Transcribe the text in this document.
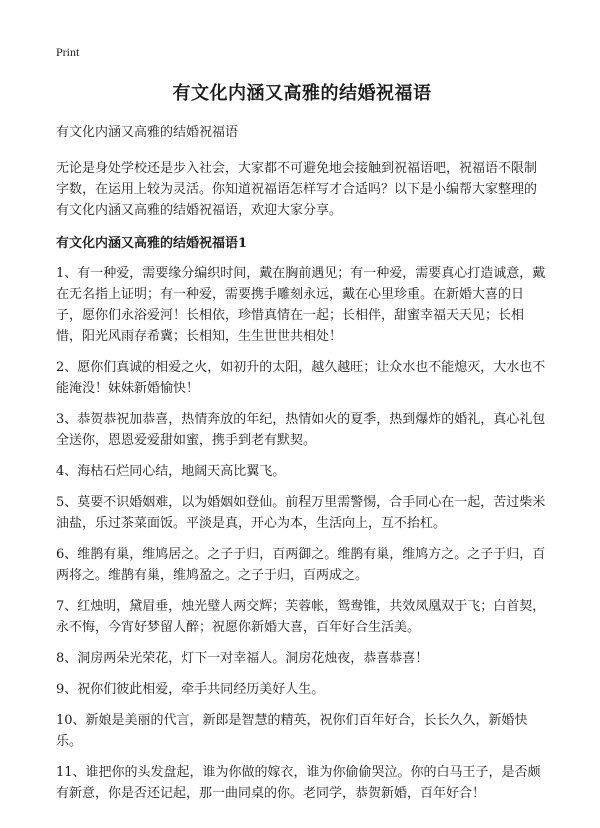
Print
有文化内涵又高雅的结婚祝福语

有文化内涵又高雅的结婚祝福语

无论是身处学校还是步入社会，大家都不可避免地会接触到祝福语吧，祝福语不限制字数，在运用上较为灵活。你知道祝福语怎样写才合适吗？以下是小编帮大家整理的有文化内涵又高雅的结婚祝福语，欢迎大家分享。

有文化内涵又高雅的结婚祝福语1
1、有一种爱，需要缘分编织时间，戴在胸前遇见；有一种爱，需要真心打造诚意，戴在无名指上证明；有一种爱，需要携手雕刻永远，戴在心里珍重。在新婚大喜的日子，愿你们永浴爱河！长相依，珍惜真情在一起；长相伴，甜蜜幸福天天见；长相惜，阳光风雨存希冀；长相知，生生世世共相处！
2、愿你们真诚的相爱之火，如初升的太阳，越久越旺；让众水也不能熄灭，大水也不能淹没！妹妹新婚愉快！
3、恭贺恭祝加恭喜，热情奔放的年纪，热情如火的夏季，热到爆炸的婚礼，真心礼包全送你，恩恩爱爱甜如蜜，携手到老有默契。
4、海枯石烂同心结，地阔天高比翼飞。
5、莫要不识婚姻难，以为婚姻如登仙。前程万里需警惕，合手同心在一起，苦过柴米油盐，乐过茶菜面饭。平淡是真，开心为本，生活向上，互不抬杠。
6、维鹊有巢，维鸠居之。之子于归，百两御之。维鹊有巢，维鸠方之。之子于归，百两将之。维鹊有巢，维鸠盈之。之子于归，百两成之。
7、红烛明，黛眉垂，烛光璧人两交辉；芙蓉帐，鸳鸯锥，共效凤凰双于飞；白首契，永不悔，今宵好梦留人醉；祝愿你新婚大喜，百年好合生活美。
8、洞房两朵光荣花，灯下一对幸福人。洞房花烛夜，恭喜恭喜！
9、祝你们彼此相爱，牵手共同经历美好人生。
10、新娘是美丽的代言，新郎是智慧的精英，祝你们百年好合，长长久久，新婚快乐。
11、谁把你的头发盘起，谁为你做的嫁衣，谁为你偷偷哭泣。你的白马王子，是否颇有新意，你是否还记起，那一曲同桌的你。老同学，恭贺新婚，百年好合！
